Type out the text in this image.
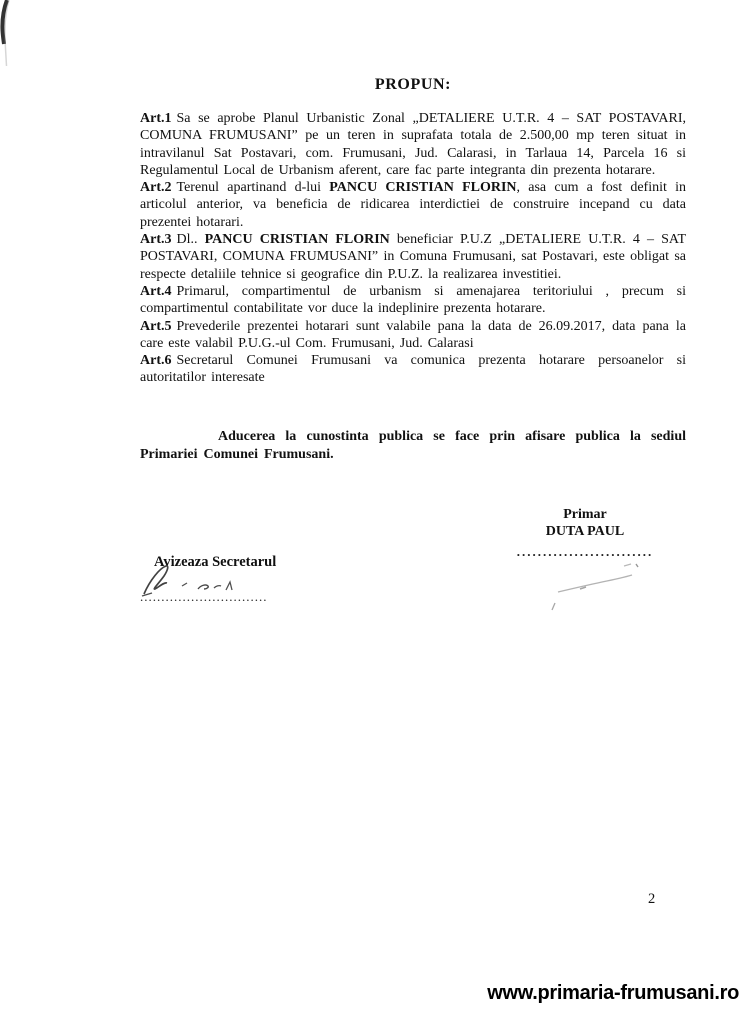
PROPUN:

Art.1 Sa se aprobe Planul Urbanistic Zonal „DETALIERE U.T.R. 4 – SAT POSTAVARI, COMUNA FRUMUSANI” pe un teren in suprafata totala de 2.500,00 mp teren situat in intravilanul Sat Postavari, com. Frumusani, Jud. Calarasi, in Tarlaua 14, Parcela 16 si Regulamentul Local de Urbanism aferent, care fac parte integranta din prezenta hotarare.

Art.2 Terenul apartinand d-lui PANCU CRISTIAN FLORIN, asa cum a fost definit in articolul anterior, va beneficia de ridicarea interdictiei de construire incepand cu data prezentei hotarari.

Art.3 Dl.. PANCU CRISTIAN FLORIN beneficiar P.U.Z „DETALIERE U.T.R. 4 – SAT POSTAVARI, COMUNA FRUMUSANI” in Comuna Frumusani, sat Postavari, este obligat sa respecte detaliile tehnice si geografice din P.U.Z. la realizarea investitiei.

Art.4 Primarul, compartimentul de urbanism si amenajarea teritoriului , precum si compartimentul contabilitate vor duce la indeplinire prezenta hotarare.

Art.5 Prevederile prezentei hotarari sunt valabile pana la data de 26.09.2017, data pana la care este valabil P.U.G.-ul Com. Frumusani, Jud. Calarasi

Art.6 Secretarul Comunei Frumusani va comunica prezenta hotarare persoanelor si autoritatilor interesate

Aducerea la cunostinta publica se face prin afisare publica la sediul Primariei Comunei Frumusani.

Primar
DUTA PAUL
..........................
Avizeaza Secretarul
..............................
2
www.primaria-frumusani.ro
